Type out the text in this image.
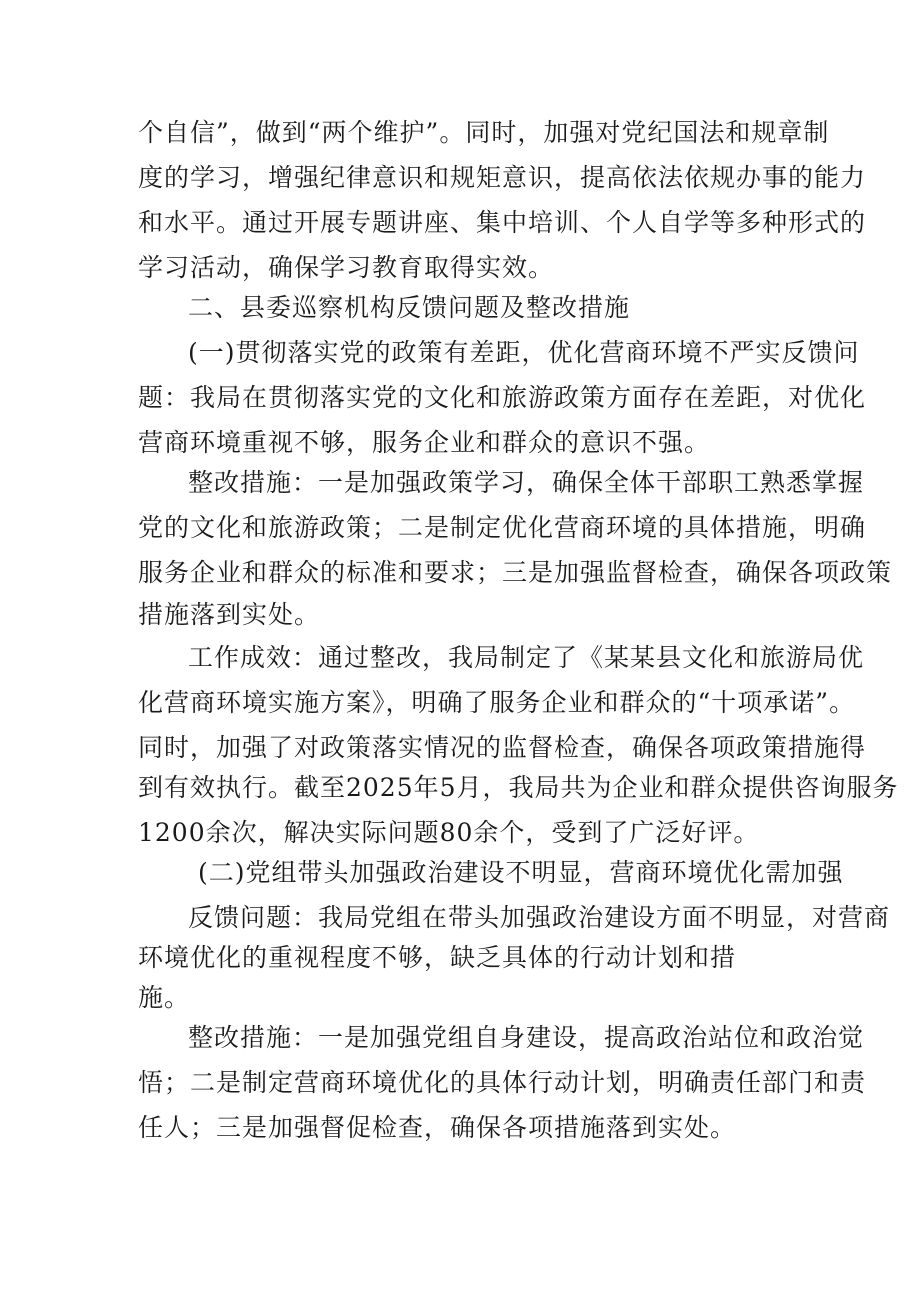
个自信”，做到“两个维护”。同时，加强对党纪国法和规章制
度的学习，增强纪律意识和规矩意识，提高依法依规办事的能力
和水平。通过开展专题讲座、集中培训、个人自学等多种形式的
学习活动，确保学习教育取得实效。
二、县委巡察机构反馈问题及整改措施
(一)贯彻落实党的政策有差距，优化营商环境不严实反馈问
题：我局在贯彻落实党的文化和旅游政策方面存在差距，对优化
营商环境重视不够，服务企业和群众的意识不强。
整改措施：一是加强政策学习，确保全体干部职工熟悉掌握
党的文化和旅游政策；二是制定优化营商环境的具体措施，明确
服务企业和群众的标准和要求；三是加强监督检查，确保各项政策
措施落到实处。
工作成效：通过整改，我局制定了《某某县文化和旅游局优
化营商环境实施方案》，明确了服务企业和群众的“十项承诺”。
同时，加强了对政策落实情况的监督检查，确保各项政策措施得
到有效执行。截至2025年5月，我局共为企业和群众提供咨询服务
1200余次，解决实际问题80余个，受到了广泛好评。
(二)党组带头加强政治建设不明显，营商环境优化需加强
反馈问题：我局党组在带头加强政治建设方面不明显，对营商
环境优化的重视程度不够，缺乏具体的行动计划和措
施。
整改措施：一是加强党组自身建设，提高政治站位和政治觉
悟；二是制定营商环境优化的具体行动计划，明确责任部门和责
任人；三是加强督促检查，确保各项措施落到实处。
